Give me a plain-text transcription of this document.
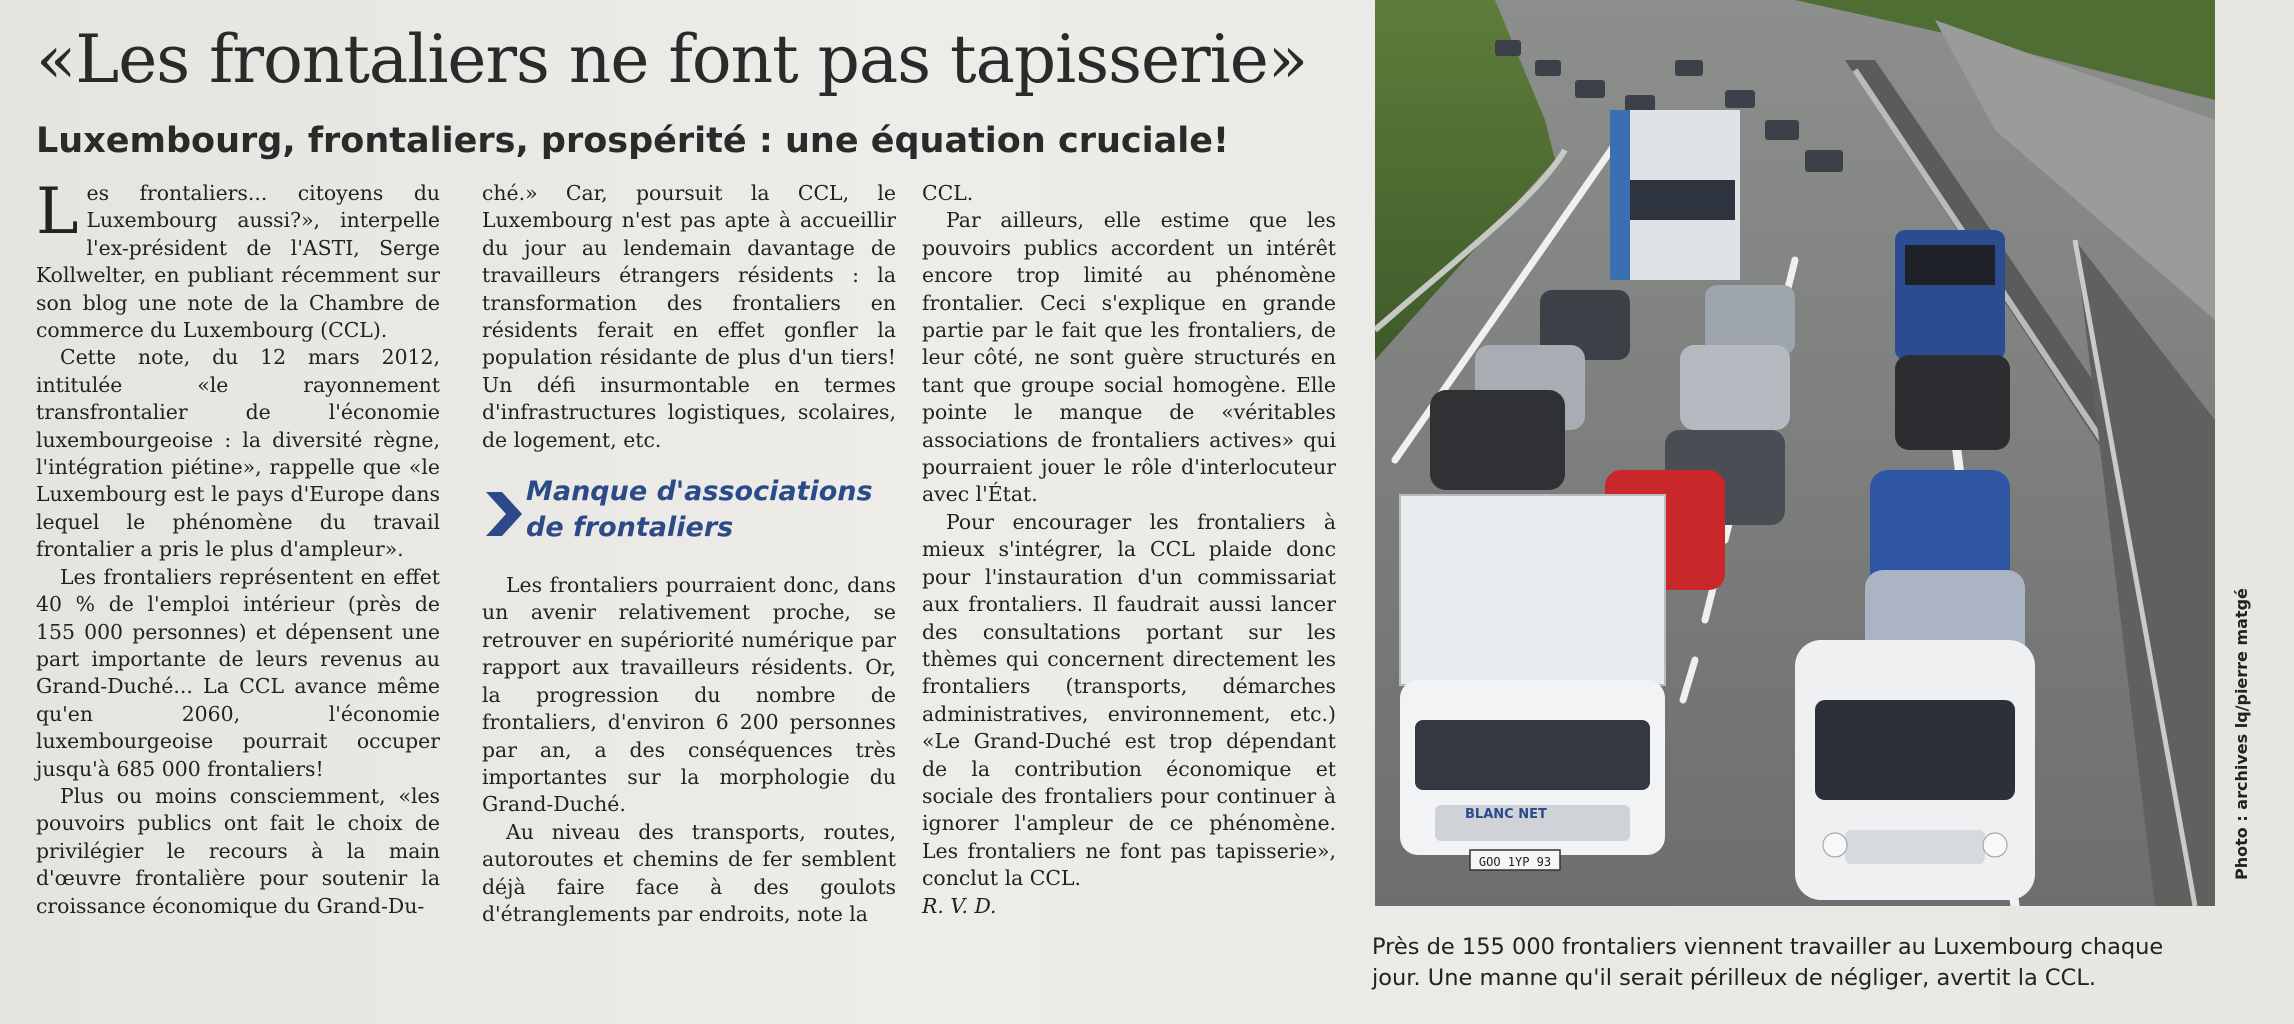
«Les frontaliers ne font pas tapisserie»
Luxembourg, frontaliers, prospérité : une équation cruciale!

Les frontaliers... citoyens du Luxembourg aussi?», interpelle l'ex-président de l'ASTI, Serge Kollwelter, en publiant récemment sur son blog une note de la Chambre de commerce du Luxembourg (CCL).

Cette note, du 12 mars 2012, intitulée «le rayonnement transfrontalier de l'économie luxembourgeoise : la diversité règne, l'intégration piétine», rappelle que «le Luxembourg est le pays d'Europe dans lequel le phénomène du travail frontalier a pris le plus d'ampleur».

Les frontaliers représentent en effet 40 % de l'emploi intérieur (près de 155 000 personnes) et dépensent une part importante de leurs revenus au Grand-Duché... La CCL avance même qu'en 2060, l'économie luxembourgeoise pourrait occuper jusqu'à 685 000 frontaliers!

Plus ou moins consciemment, «les pouvoirs publics ont fait le choix de privilégier le recours à la main d'œuvre frontalière pour soutenir la croissance économique du Grand-Du-

ché.» Car, poursuit la CCL, le Luxembourg n'est pas apte à accueillir du jour au lendemain davantage de travailleurs étrangers résidents : la transformation des frontaliers en résidents ferait en effet gonfler la population résidante de plus d'un tiers! Un défi insurmontable en termes d'infrastructures logistiques, scolaires, de logement, etc.

Manque d'associations
de frontaliers

Les frontaliers pourraient donc, dans un avenir relativement proche, se retrouver en supériorité numérique par rapport aux travailleurs résidents. Or, la progression du nombre de frontaliers, d'environ 6 200 personnes par an, a des conséquences très importantes sur la morphologie du Grand-Duché.

Au niveau des transports, routes, autoroutes et chemins de fer semblent déjà faire face à des goulots d'étranglements par endroits, note la

CCL.

Par ailleurs, elle estime que les pouvoirs publics accordent un intérêt encore trop limité au phénomène frontalier. Ceci s'explique en grande partie par le fait que les frontaliers, de leur côté, ne sont guère structurés en tant que groupe social homogène. Elle pointe le manque de «véritables associations de frontaliers actives» qui pourraient jouer le rôle d'interlocuteur avec l'État.

Pour encourager les frontaliers à mieux s'intégrer, la CCL plaide donc pour l'instauration d'un commissariat aux frontaliers. Il faudrait aussi lancer des consultations portant sur les thèmes qui concernent directement les frontaliers (transports, démarches administratives, environnement, etc.) «Le Grand-Duché est trop dépendant de la contribution économique et sociale des frontaliers pour continuer à ignorer l'ampleur de ce phénomène. Les frontaliers ne font pas tapisserie», conclut la CCL.

R. V. D.

GOO 1YP 93
BLANC NET	Photo : archives lq/pierre matgé

Près de 155 000 frontaliers viennent travailler au Luxembourg chaque

jour. Une manne qu'il serait périlleux de négliger, avertit la CCL.
